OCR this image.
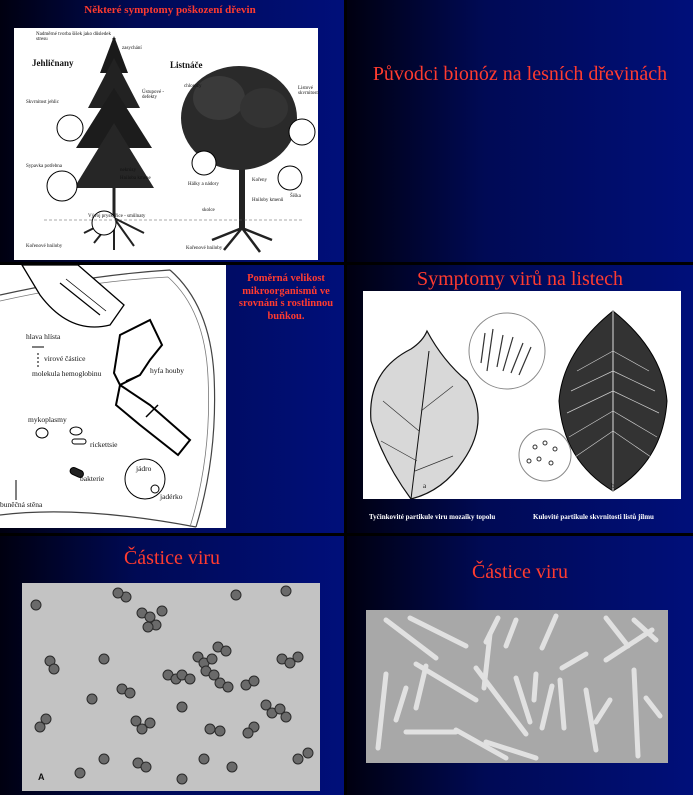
Některé symptomy poškození dřevin
Jehličnany	Listnáče
Nadměrné tvorba šišek jako důsledek stresu
zasychání
Skvrnitost jehlic
Ústupové - defekty
chlorózy	Listové skvrnitosti
Sypavka potřebna
nekrózy
Hniloba kmene
Hálky a nádory
Kořeny
Šiška
Hniloby kmenů
Vývoj pryskyřice - smůlnaty
skolce
Kořenové hniloby	Kořenové hniloby
Původci bionóz na lesních dřevinách
hlava hlísta
virové částice
molekula hemoglobinu	hyfa houby
mykoplasmy
rickettsie
jádro
bakterie
jadérko
buněčná stěna
Poměrná velikost mikroorganismů ve srovnání s rostlinnou buňkou.
Symptomy virů na listech
a	b
Tyčinkovité partikule viru mozaiky topolu	Kulovité partikule skvrnitosti listů jilmu
Částice viru
A
Částice viru
